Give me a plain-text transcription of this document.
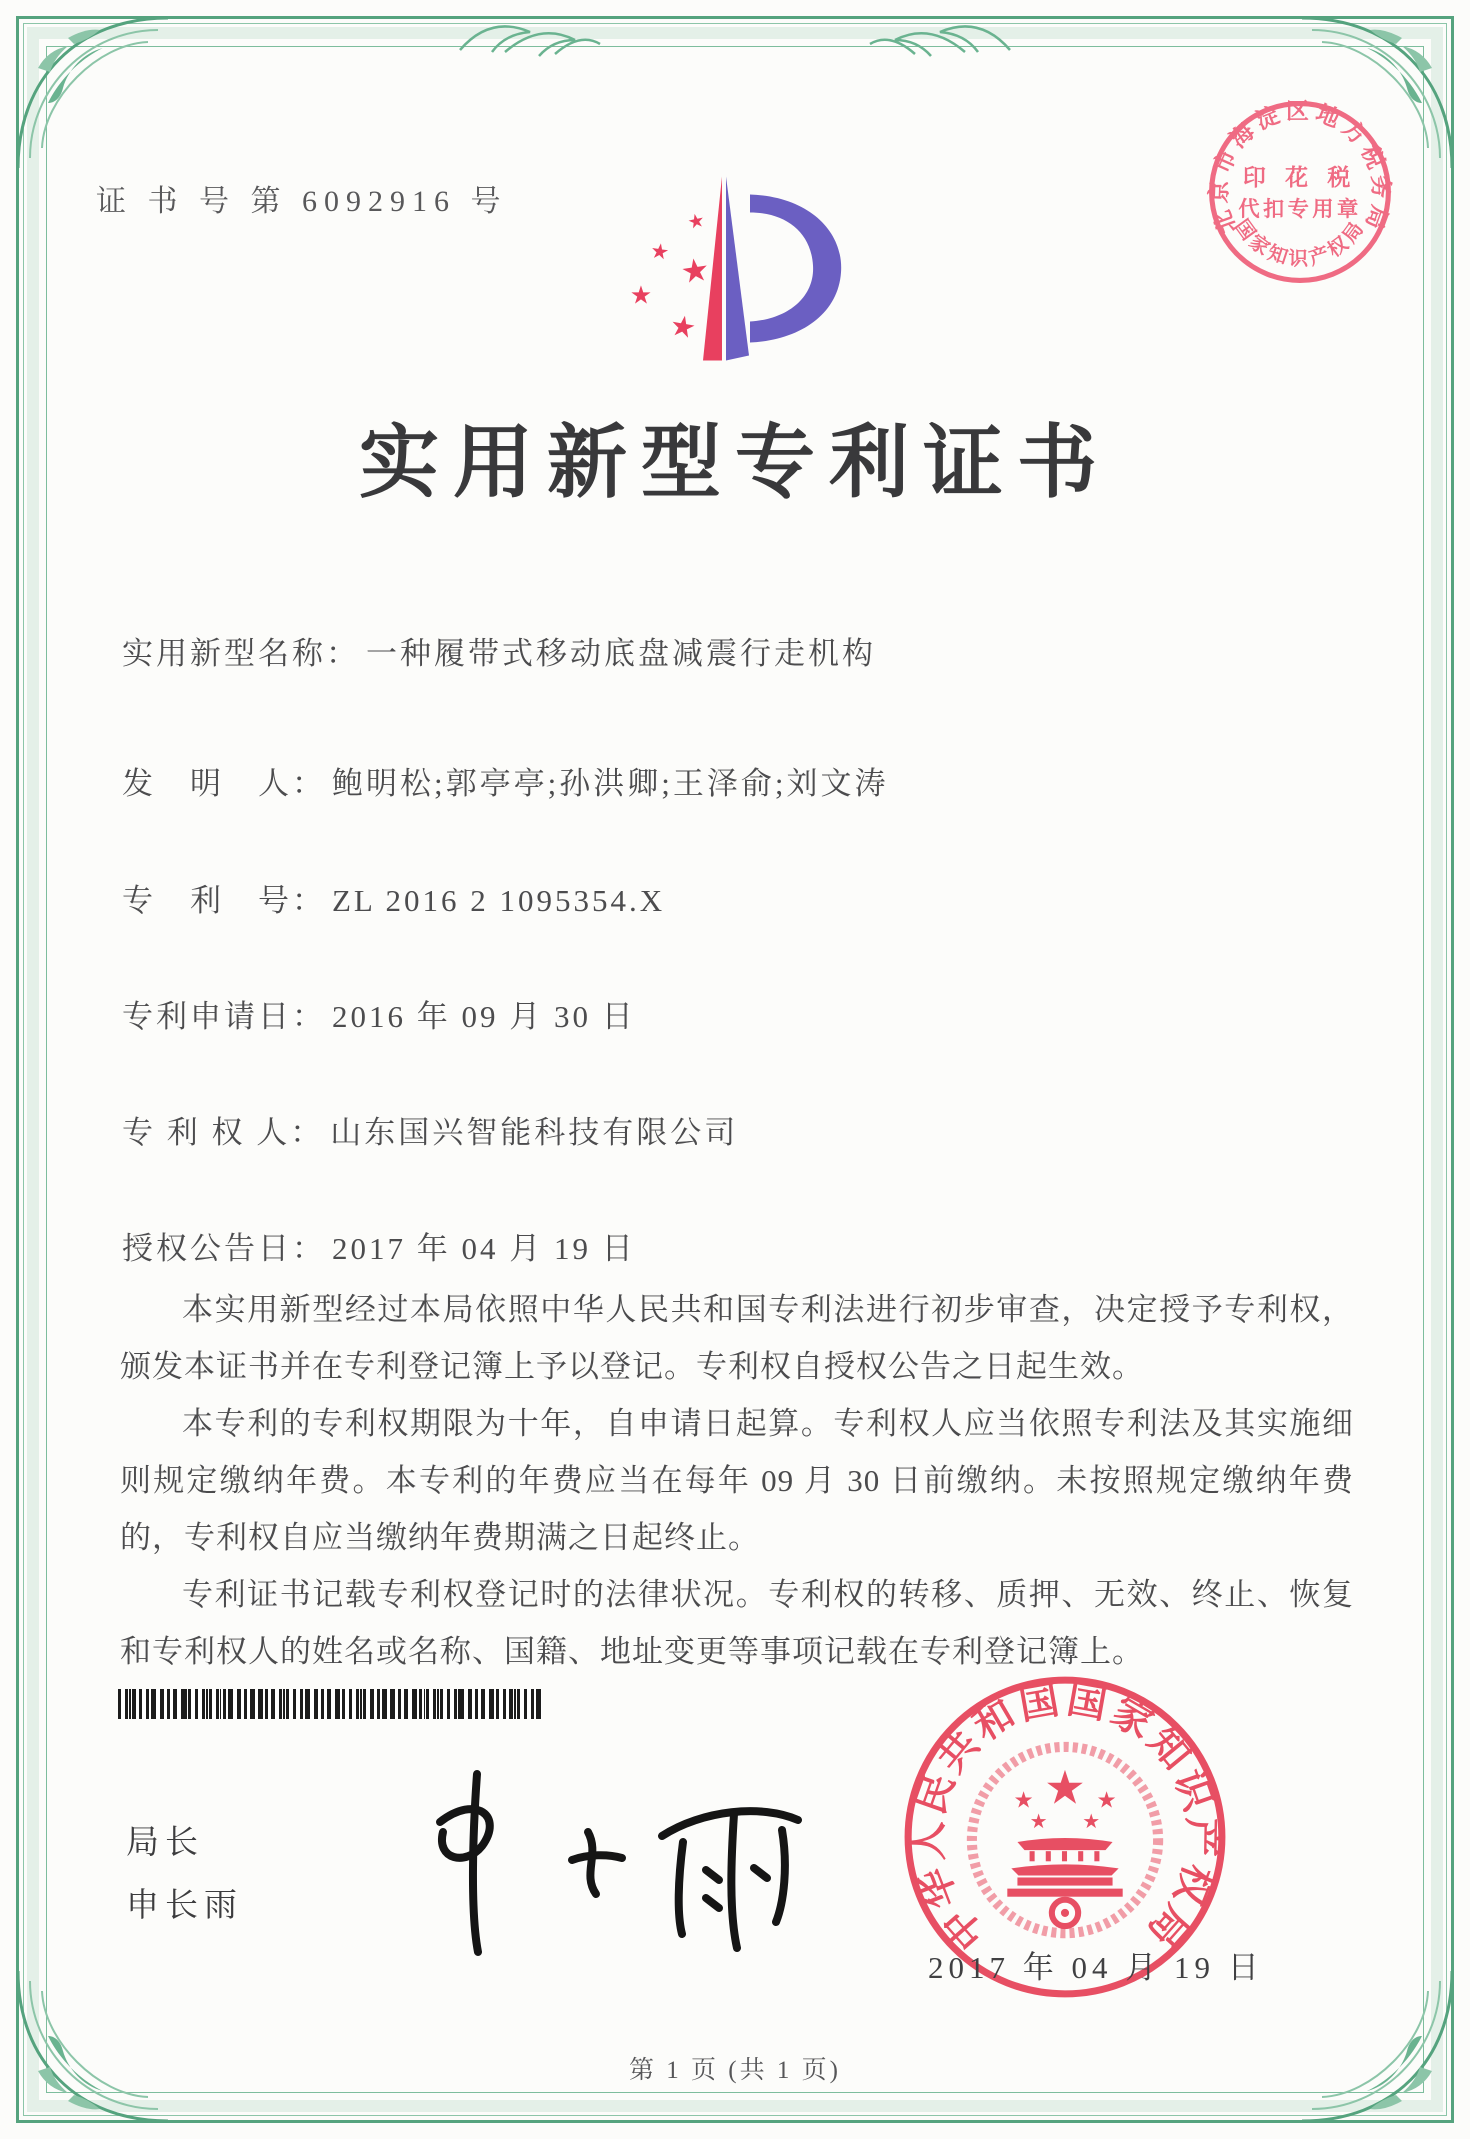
证 书 号 第 6092916 号
★
★ ★
★
★
北京市海淀区地方税务局
国家知识产权局
印 花 税
代扣专用章
实用新型专利证书
实用新型名称： 一种履带式移动底盘减震行走机构
发　明　人： 鲍明松;郭亭亭;孙洪卿;王泽俞;刘文涛
专　利　号： ZL 2016 2 1095354.X
专利申请日： 2016 年 09 月 30 日
专 利 权 人： 山东国兴智能科技有限公司
授权公告日： 2017 年 04 月 19 日

本实用新型经过本局依照中华人民共和国专利法进行初步审查，决定授予专利权，颁发本证书并在专利登记簿上予以登记。专利权自授权公告之日起生效。

本专利的专利权期限为十年，自申请日起算。专利权人应当依照专利法及其实施细则规定缴纳年费。本专利的年费应当在每年 09 月 30 日前缴纳。未按照规定缴纳年费的，专利权自应当缴纳年费期满之日起终止。

专利证书记载专利权登记时的法律状况。专利权的转移、质押、无效、终止、恢复和专利权人的姓名或名称、国籍、地址变更等事项记载在专利登记簿上。

局长
申长雨	中华人民共和国国家知识产权局
★
★	★
★ ★
2017 年 04 月 19 日
第 1 页 (共 1 页)
